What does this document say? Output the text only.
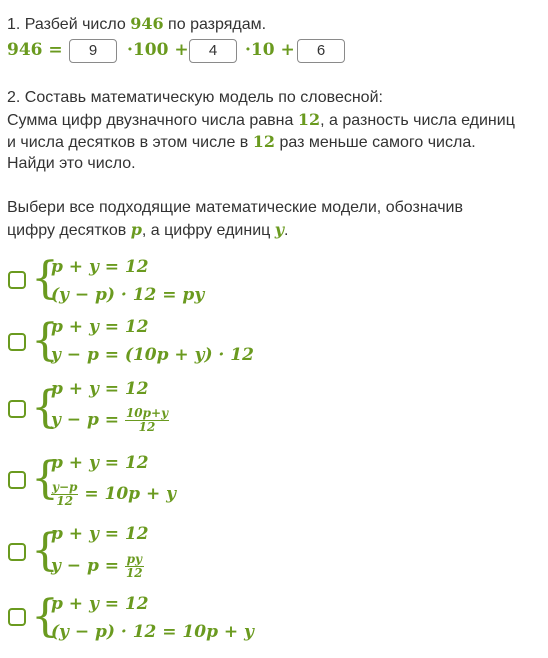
1. Разбей число 946 по разрядам.
946 =	9	·100 +	4	·10 +	6
2. Составь математическую модель по словесной:
Сумма цифр двузначного числа равна 12, а разность числа единиц
и числа десятков в этом числе в 12 раз меньше самого числа.
Найди это число.
Выбери все подходящие математические модели, обозначив
цифру десятков p, а цифру единиц y.
{
p + y = 12
(y − p) · 12 = py
{
p + y = 12
y − p = (10p + y) · 12
{
p + y = 12
$y - p = \frac{10p+y}{12}$
{
p + y = 12
$\frac{y-p}{12} = 10p + y$
{
p + y = 12
$y - p = \frac{py}{12}$
{
p + y = 12
(y − p) · 12 = 10p + y
